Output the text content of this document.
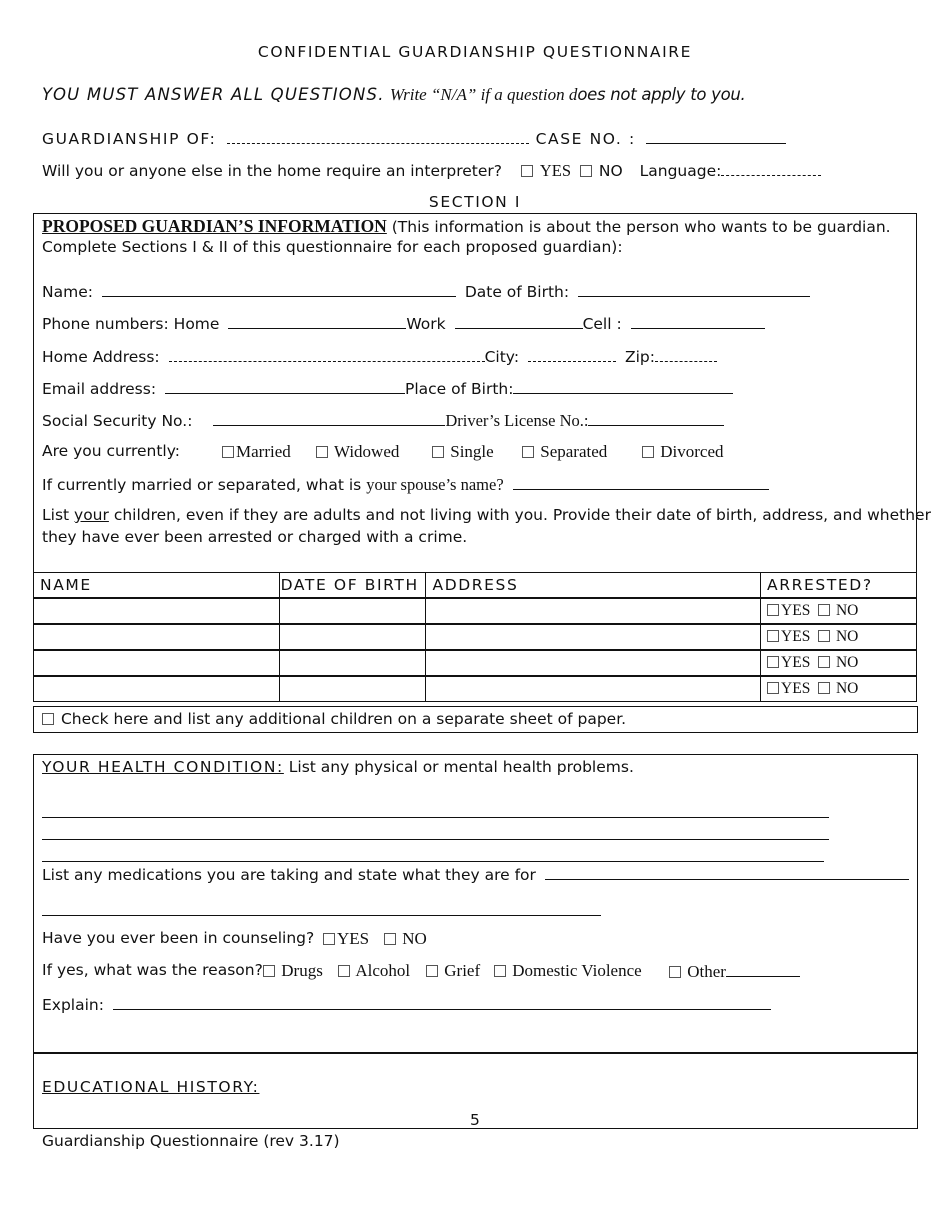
CONFIDENTIAL GUARDIANSHIP QUESTIONNAIRE
YOU MUST ANSWER ALL QUESTIONS. Write “N/A” if a question does not apply to you.
GUARDIANSHIP OF:	CASE NO. :
Will you or anyone else in the home require an interpreter? YES NO Language:
SECTION I
PROPOSED GUARDIAN’S INFORMATION (This information is about the person who wants to be guardian.
Complete Sections I & II of this questionnaire for each proposed guardian):
Name:	Date of Birth:
Phone numbers: Home	Work	Cell :
Home Address:	City:	Zip:
Email address:	Place of Birth:
Social Security No.:	Driver’s License No.:
Are you currently:	Married	Widowed	Single	Separated	Divorced
If currently married or separated, what is your spouse’s name?
List your children, even if they are adults and not living with you. Provide their date of birth, address, and whether
they have ever been arrested or charged with a crime.
NAME	DATE OF BIRTH	ADDRESS	ARRESTED?
			YES NO
			YES NO
			YES NO
			YES NO
Check here and list any additional children on a separate sheet of paper.
YOUR HEALTH CONDITION: List any physical or mental health problems.
List any medications you are taking and state what they are for
Have you ever been in counseling?	YES	NO
If yes, what was the reason?	Drugs	Alcohol	Grief	Domestic Violence	Other
Explain:
EDUCATIONAL HISTORY:
5
Guardianship Questionnaire (rev 3.17)
